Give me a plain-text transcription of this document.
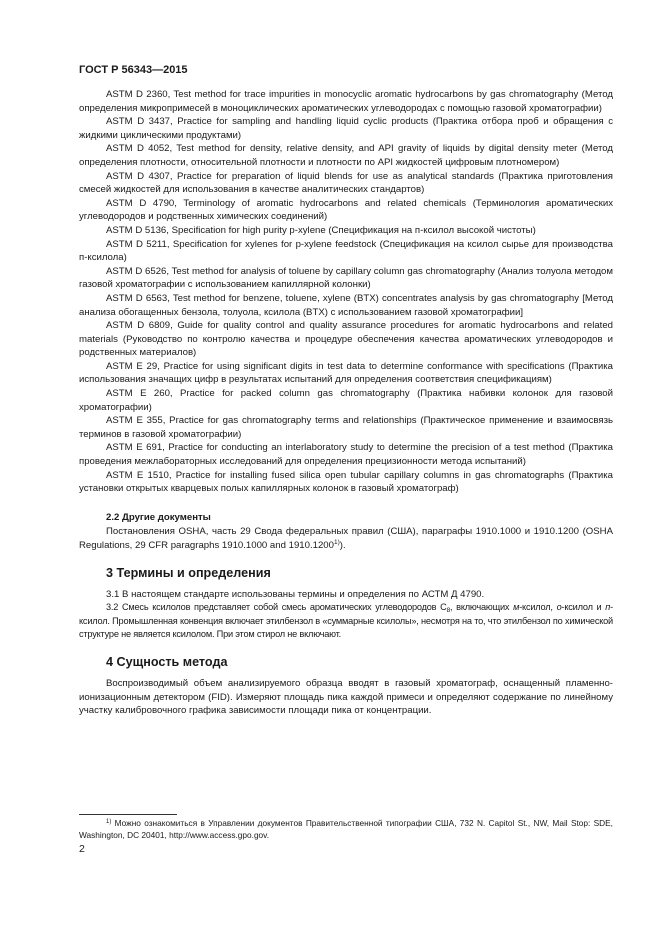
ГОСТ Р 56343—2015

ASTM D 2360, Test method for trace impurities in monocyclic aromatic hydrocarbons by gas chromatography (Метод определения микропримесей в моноциклических ароматических углеводородах с помощью газовой хроматографии)

ASTM D 3437, Practice for sampling and handling liquid cyclic products (Практика отбора проб и обращения с жидкими циклическими продуктами)

ASTM D 4052, Test method for density, relative density, and API gravity of liquids by digital density meter (Метод определения плотности, относительной плотности и плотности по API жидкостей цифровым плотномером)

ASTM D 4307, Practice for preparation of liquid blends for use as analytical standards (Практика приготовления смесей жидкостей для использования в качестве аналитических стандартов)

ASTM D 4790, Terminology of aromatic hydrocarbons and related chemicals (Терминология ароматических углеводородов и родственных химических соединений)

ASTM D 5136, Specification for high purity p-xylene (Спецификация на п-ксилол высокой чистоты)

ASTM D 5211, Specification for xylenes for p-xylene feedstock (Спецификация на ксилол сырье для производства п-ксилола)

ASTM D 6526, Test method for analysis of toluene by capillary column gas chromatography (Анализ толуола методом газовой хроматографии с использованием капиллярной колонки)

ASTM D 6563, Test method for benzene, toluene, xylene (BTX) concentrates analysis by gas chromatography [Метод анализа обогащенных бензола, толуола, ксилола (BTX) с использованием газовой хроматографии]

ASTM D 6809, Guide for quality control and quality assurance procedures for aromatic hydrocarbons and related materials (Руководство по контролю качества и процедуре обеспечения качества ароматических углеводородов и родственных материалов)

ASTM E 29, Practice for using significant digits in test data to determine conformance with specifications (Практика использования значащих цифр в результатах испытаний для определения соответствия спецификациям)

ASTM E 260, Practice for packed column gas chromatography (Практика набивки колонок для газовой хроматографии)

ASTM E 355, Practice for gas chromatography terms and relationships (Практическое применение и взаимосвязь терминов в газовой хроматографии)

ASTM E 691, Practice for conducting an interlaboratory study to determine the precision of a test method (Практика проведения межлабораторных исследований для определения прецизионности метода испытаний)

ASTM E 1510, Practice for installing fused silica open tubular capillary columns in gas chromatographs (Практика установки открытых кварцевых полых капиллярных колонок в газовый хроматограф)

2.2 Другие документы

Постановления OSHA, часть 29 Свода федеральных правил (США), параграфы 1910.1000 и 1910.1200 (OSHA Regulations, 29 CFR paragraphs 1910.1000 and 1910.1200$^{1)}$).

3 Термины и определения

3.1 В настоящем стандарте использованы термины и определения по АСТМ Д 4790.

3.2 Смесь ксилолов представляет собой смесь ароматических углеводородов $С_8$, включающих м-ксилол, о-ксилол и п-ксилол. Промышленная конвенция включает этилбензол в «суммарные ксилолы», несмотря на то, что этилбензол по химической структуре не является ксилолом. При этом стирол не включают.

4 Сущность метода

Воспроизводимый объем анализируемого образца вводят в газовый хроматограф, оснащенный пламенно-ионизационным детектором (FID). Измеряют площадь пика каждой примеси и определяют содержание по линейному участку калибровочного графика зависимости площади пика от концентрации.

$^{1)}$ Можно ознакомиться в Управлении документов Правительственной типографии США, 732 N. Capitol St., NW, Mail Stop: SDE, Washington, DC 20401, http://www.access.gpo.gov.

2
